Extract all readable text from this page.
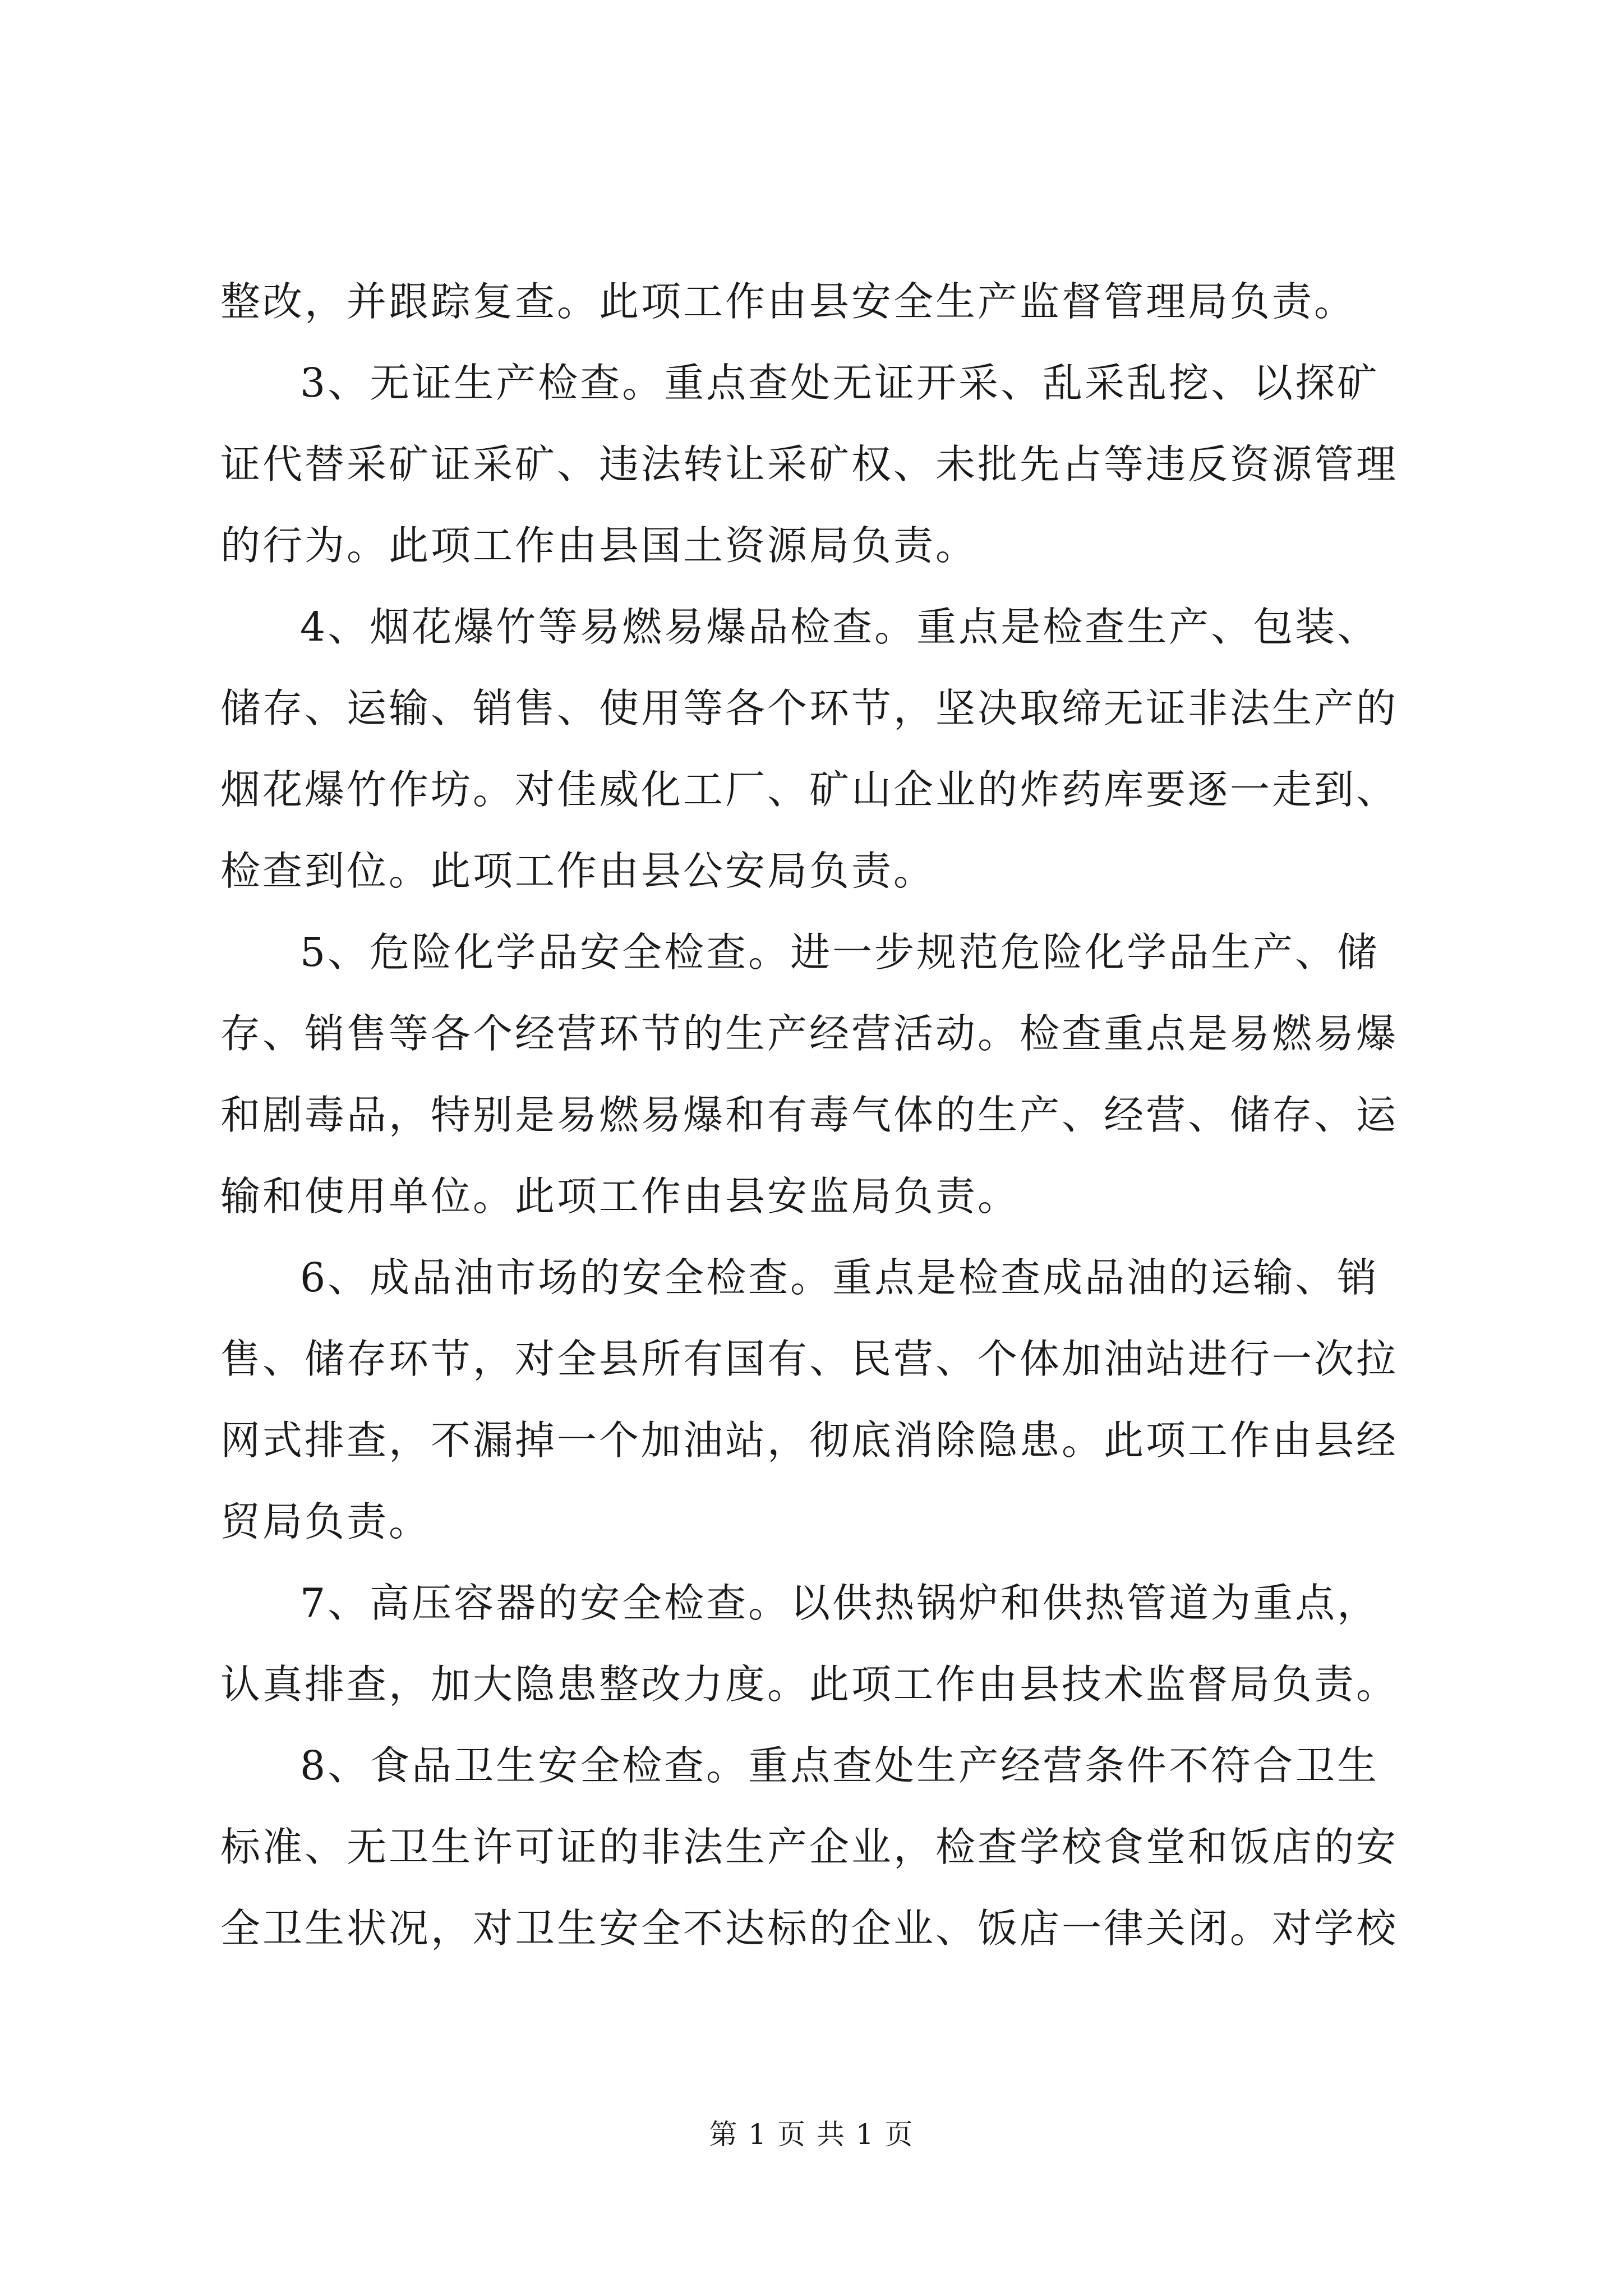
整改，并跟踪复查。此项工作由县安全生产监督管理局负责。
3、无证生产检查。重点查处无证开采、乱采乱挖、以探矿
证代替采矿证采矿、违法转让采矿权、未批先占等违反资源管理
的行为。此项工作由县国土资源局负责。
4、烟花爆竹等易燃易爆品检查。重点是检查生产、包装、
储存、运输、销售、使用等各个环节，坚决取缔无证非法生产的
烟花爆竹作坊。对佳威化工厂、矿山企业的炸药库要逐一走到、
检查到位。此项工作由县公安局负责。
5、危险化学品安全检查。进一步规范危险化学品生产、储
存、销售等各个经营环节的生产经营活动。检查重点是易燃易爆
和剧毒品，特别是易燃易爆和有毒气体的生产、经营、储存、运
输和使用单位。此项工作由县安监局负责。
6、成品油市场的安全检查。重点是检查成品油的运输、销
售、储存环节，对全县所有国有、民营、个体加油站进行一次拉
网式排查，不漏掉一个加油站，彻底消除隐患。此项工作由县经
贸局负责。
7、高压容器的安全检查。以供热锅炉和供热管道为重点，
认真排查，加大隐患整改力度。此项工作由县技术监督局负责。
8、食品卫生安全检查。重点查处生产经营条件不符合卫生
标准、无卫生许可证的非法生产企业，检查学校食堂和饭店的安
全卫生状况，对卫生安全不达标的企业、饭店一律关闭。对学校
第 1 页 共 1 页
